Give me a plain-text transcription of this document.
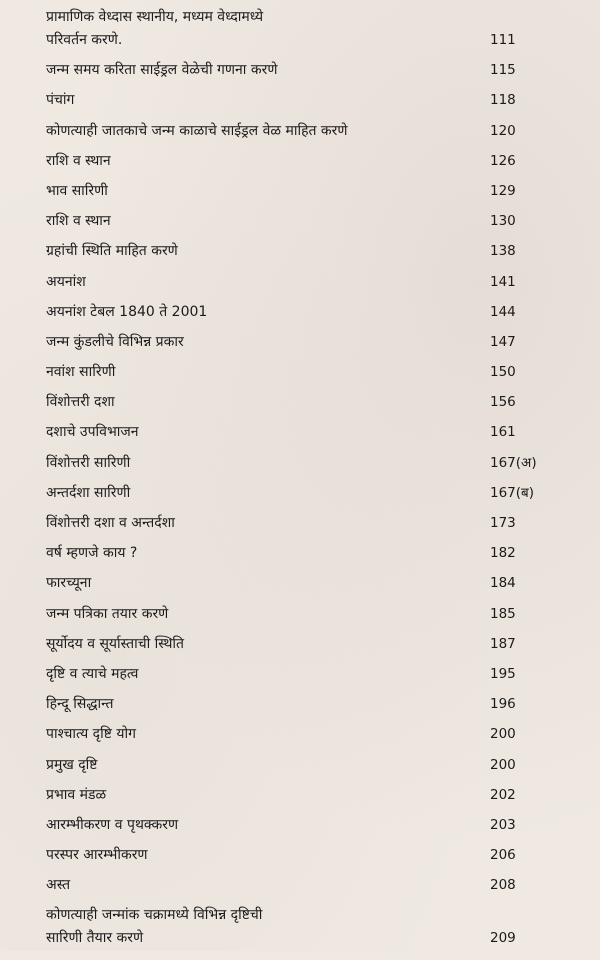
प्रामाणिक वेध्दास स्थानीय, मध्यम वेध्दामध्ये
परिवर्तन करणे.	111
जन्म समय करिता साईड्रल वेळेची गणना करणे	115
पंचांग	118
कोणत्याही जातकाचे जन्म काळाचे साईड्रल वेळ माहित करणे	120
राशि व स्थान	126
भाव सारिणी	129
राशि व स्थान	130
ग्रहांची स्थिति माहित करणे	138
अयनांश	141
अयनांश टेबल 1840 ते 2001	144
जन्म कुंडलीचे विभिन्न प्रकार	147
नवांश सारिणी	150
विंशोत्तरी दशा	156
दशाचे उपविभाजन	161
विंशोत्तरी सारिणी	167(अ)
अन्तर्दशा सारिणी	167(ब)
विंशोत्तरी दशा व अन्तर्दशा	173
वर्ष म्हणजे काय ?	182
फारच्यूना	184
जन्म पत्रिका तयार करणे	185
सूर्योदय व सूर्यास्ताची स्थिति	187
दृष्टि व त्याचे महत्व	195
हिन्दू सिद्धान्त	196
पाश्चात्य दृष्टि योग	200
प्रमुख दृष्टि	200
प्रभाव मंडळ	202
आरम्भीकरण व पृथक्करण	203
परस्पर आरम्भीकरण	206
अस्त	208
कोणत्याही जन्मांक चक्रामध्ये विभिन्न दृष्टिची
सारिणी तैयार करणे	209
